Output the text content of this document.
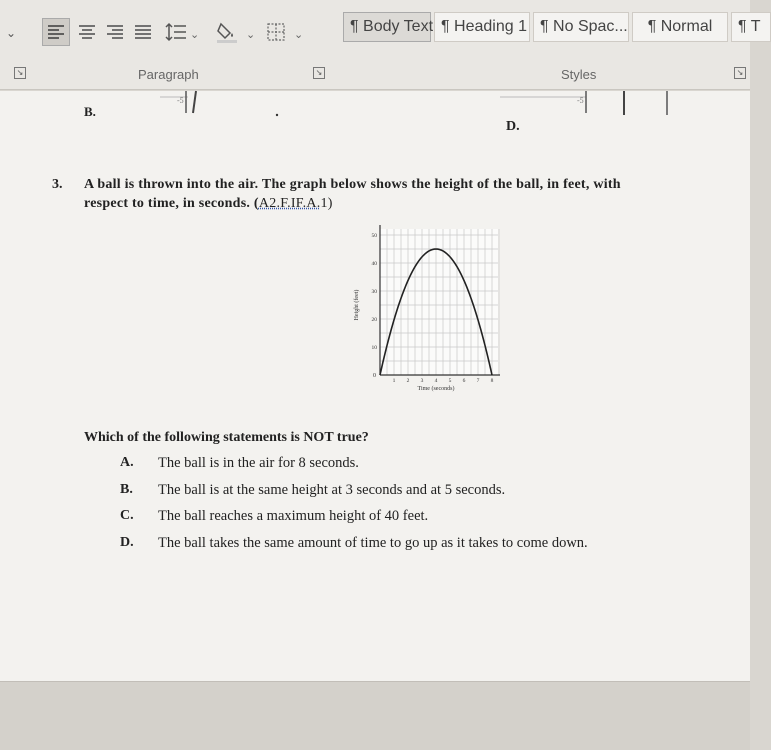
⌄	⌄	⌄	⌄	¶ Body Text ¶ Heading 1 ¶ No Spac... ¶ Normal ¶ T
↘	Paragraph	↘	Styles	↘
B.
-5	-5
D.
3. A ball is thrown into the air. The graph below shows the height of the ball, in feet, with
respect to time, in seconds. (A2.F.IF.A.1)
10
20
30
40
50
1 2 3 4 5 6 7 8
0
Time (seconds)
Height (feet)
Which of the following statements is NOT true?
A. The ball is in the air for 8 seconds.
B. The ball is at the same height at 3 seconds and at 5 seconds.
C. The ball reaches a maximum height of 40 feet.
D. The ball takes the same amount of time to go up as it takes to come down.
